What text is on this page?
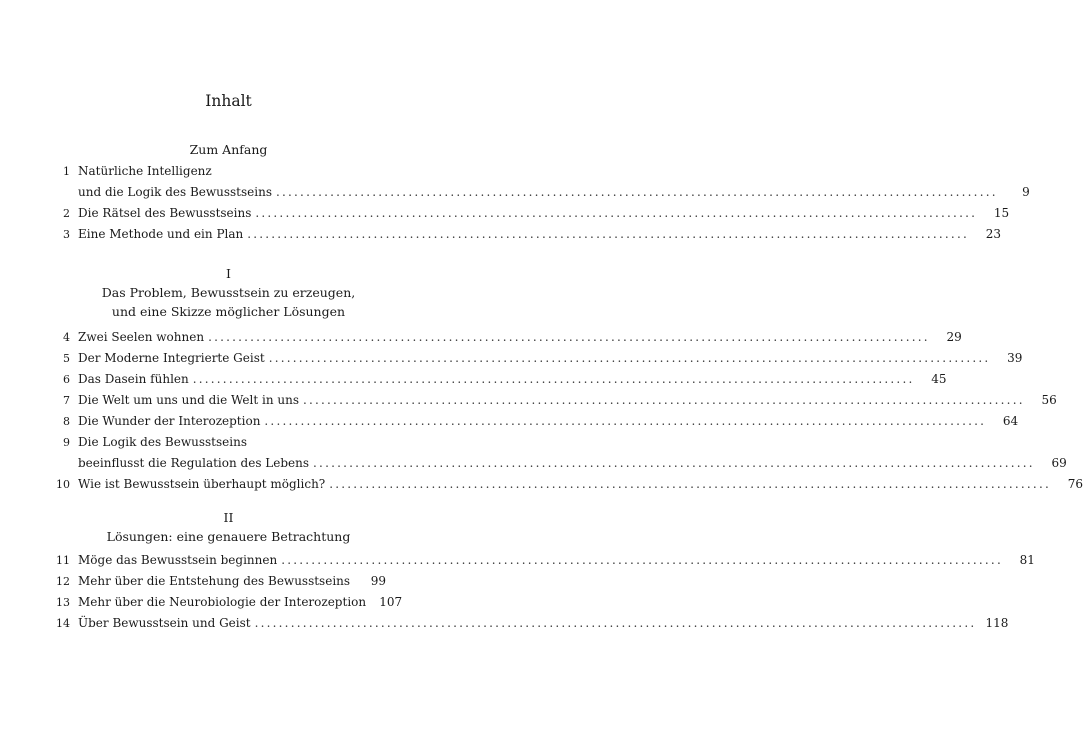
Inhalt
Zum Anfang
1 Natürliche Intelligenz
und die Logik des Bewusstseins ........................................................................................................................	9
2 Die Rätsel des Bewusstseins ........................................................................................................................	15
3 Eine Methode und ein Plan ........................................................................................................................	23
I
Das Problem, Bewusstsein zu erzeugen,
und eine Skizze möglicher Lösungen
4 Zwei Seelen wohnen ........................................................................................................................	29
5 Der Moderne Integrierte Geist ........................................................................................................................	39
6 Das Dasein fühlen ........................................................................................................................	45
7 Die Welt um uns und die Welt in uns ........................................................................................................................	56
8 Die Wunder der Interozeption ........................................................................................................................	64
9 Die Logik des Bewusstseins
beeinflusst die Regulation des Lebens ........................................................................................................................	69
10 Wie ist Bewusstsein überhaupt möglich? ........................................................................................................................	76
II
Lösungen: eine genauere Betrachtung
11 Möge das Bewusstsein beginnen ........................................................................................................................	81
12 Mehr über die Entstehung des Bewusstseins	99
13 Mehr über die Neurobiologie der Interozeption	107
14 Über Bewusstsein und Geist ........................................................................................................................ 118
